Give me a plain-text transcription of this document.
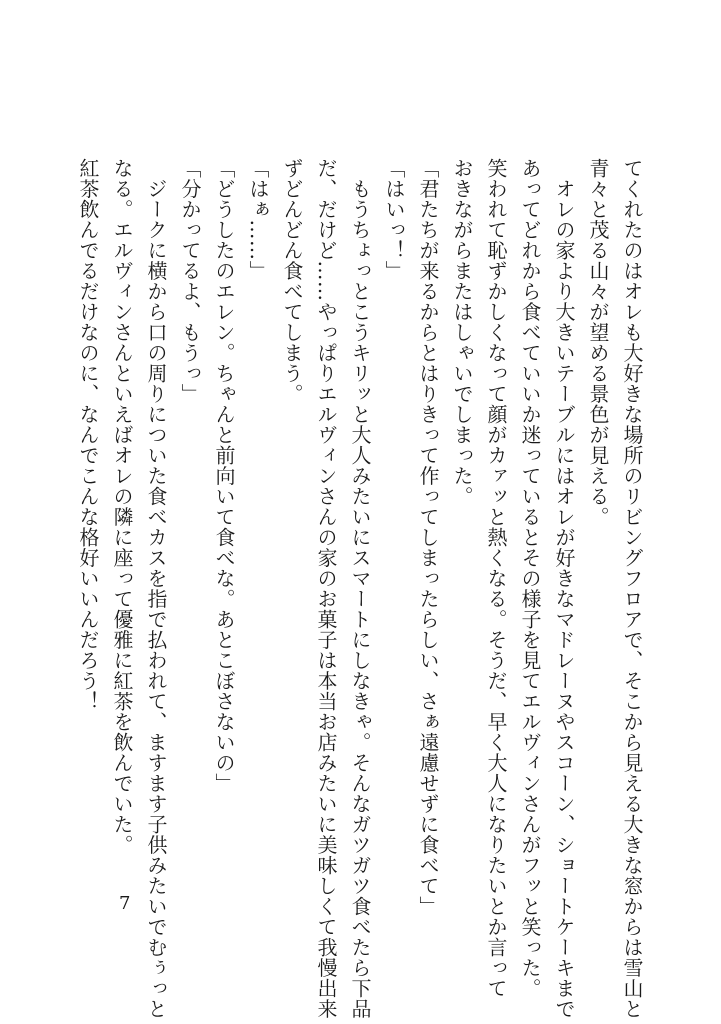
てくれたのはオレも大好きな場所のリビングフロアで、そこから見える大きな窓からは雪山と
青々と茂る山々が望める景色が見える。
　オレの家より大きいテーブルにはオレが好きなマドレーヌやスコーン、ショートケーキまで
あってどれから食べていいか迷っているとその様子を見てエルヴィンさんがフッと笑った。
笑われて恥ずかしくなって顔がカァッと熱くなる。そうだ、早く大人になりたいとか言って
おきながらまたはしゃいでしまった。
「君たちが来るからとはりきって作ってしまったらしい、さぁ遠慮せずに食べて」
「はいっ！」
　もうちょっとこうキリッと大人みたいにスマートにしなきゃ。そんなガツガツ食べたら下品
だ、だけど……やっぱりエルヴィンさんの家のお菓子は本当お店みたいに美味しくて我慢出来
ずどんどん食べてしまう。
「はぁ……」
「どうしたのエレン。ちゃんと前向いて食べな。あとこぼさないの」
「分かってるよ、もうっ」
　ジークに横から口の周りについた食べカスを指で払われて、ますます子供みたいでむぅっと
なる。エルヴィンさんといえばオレの隣に座って優雅に紅茶を飲んでいた。
紅茶飲んでるだけなのに、なんでこんな格好いいんだろう！
7
